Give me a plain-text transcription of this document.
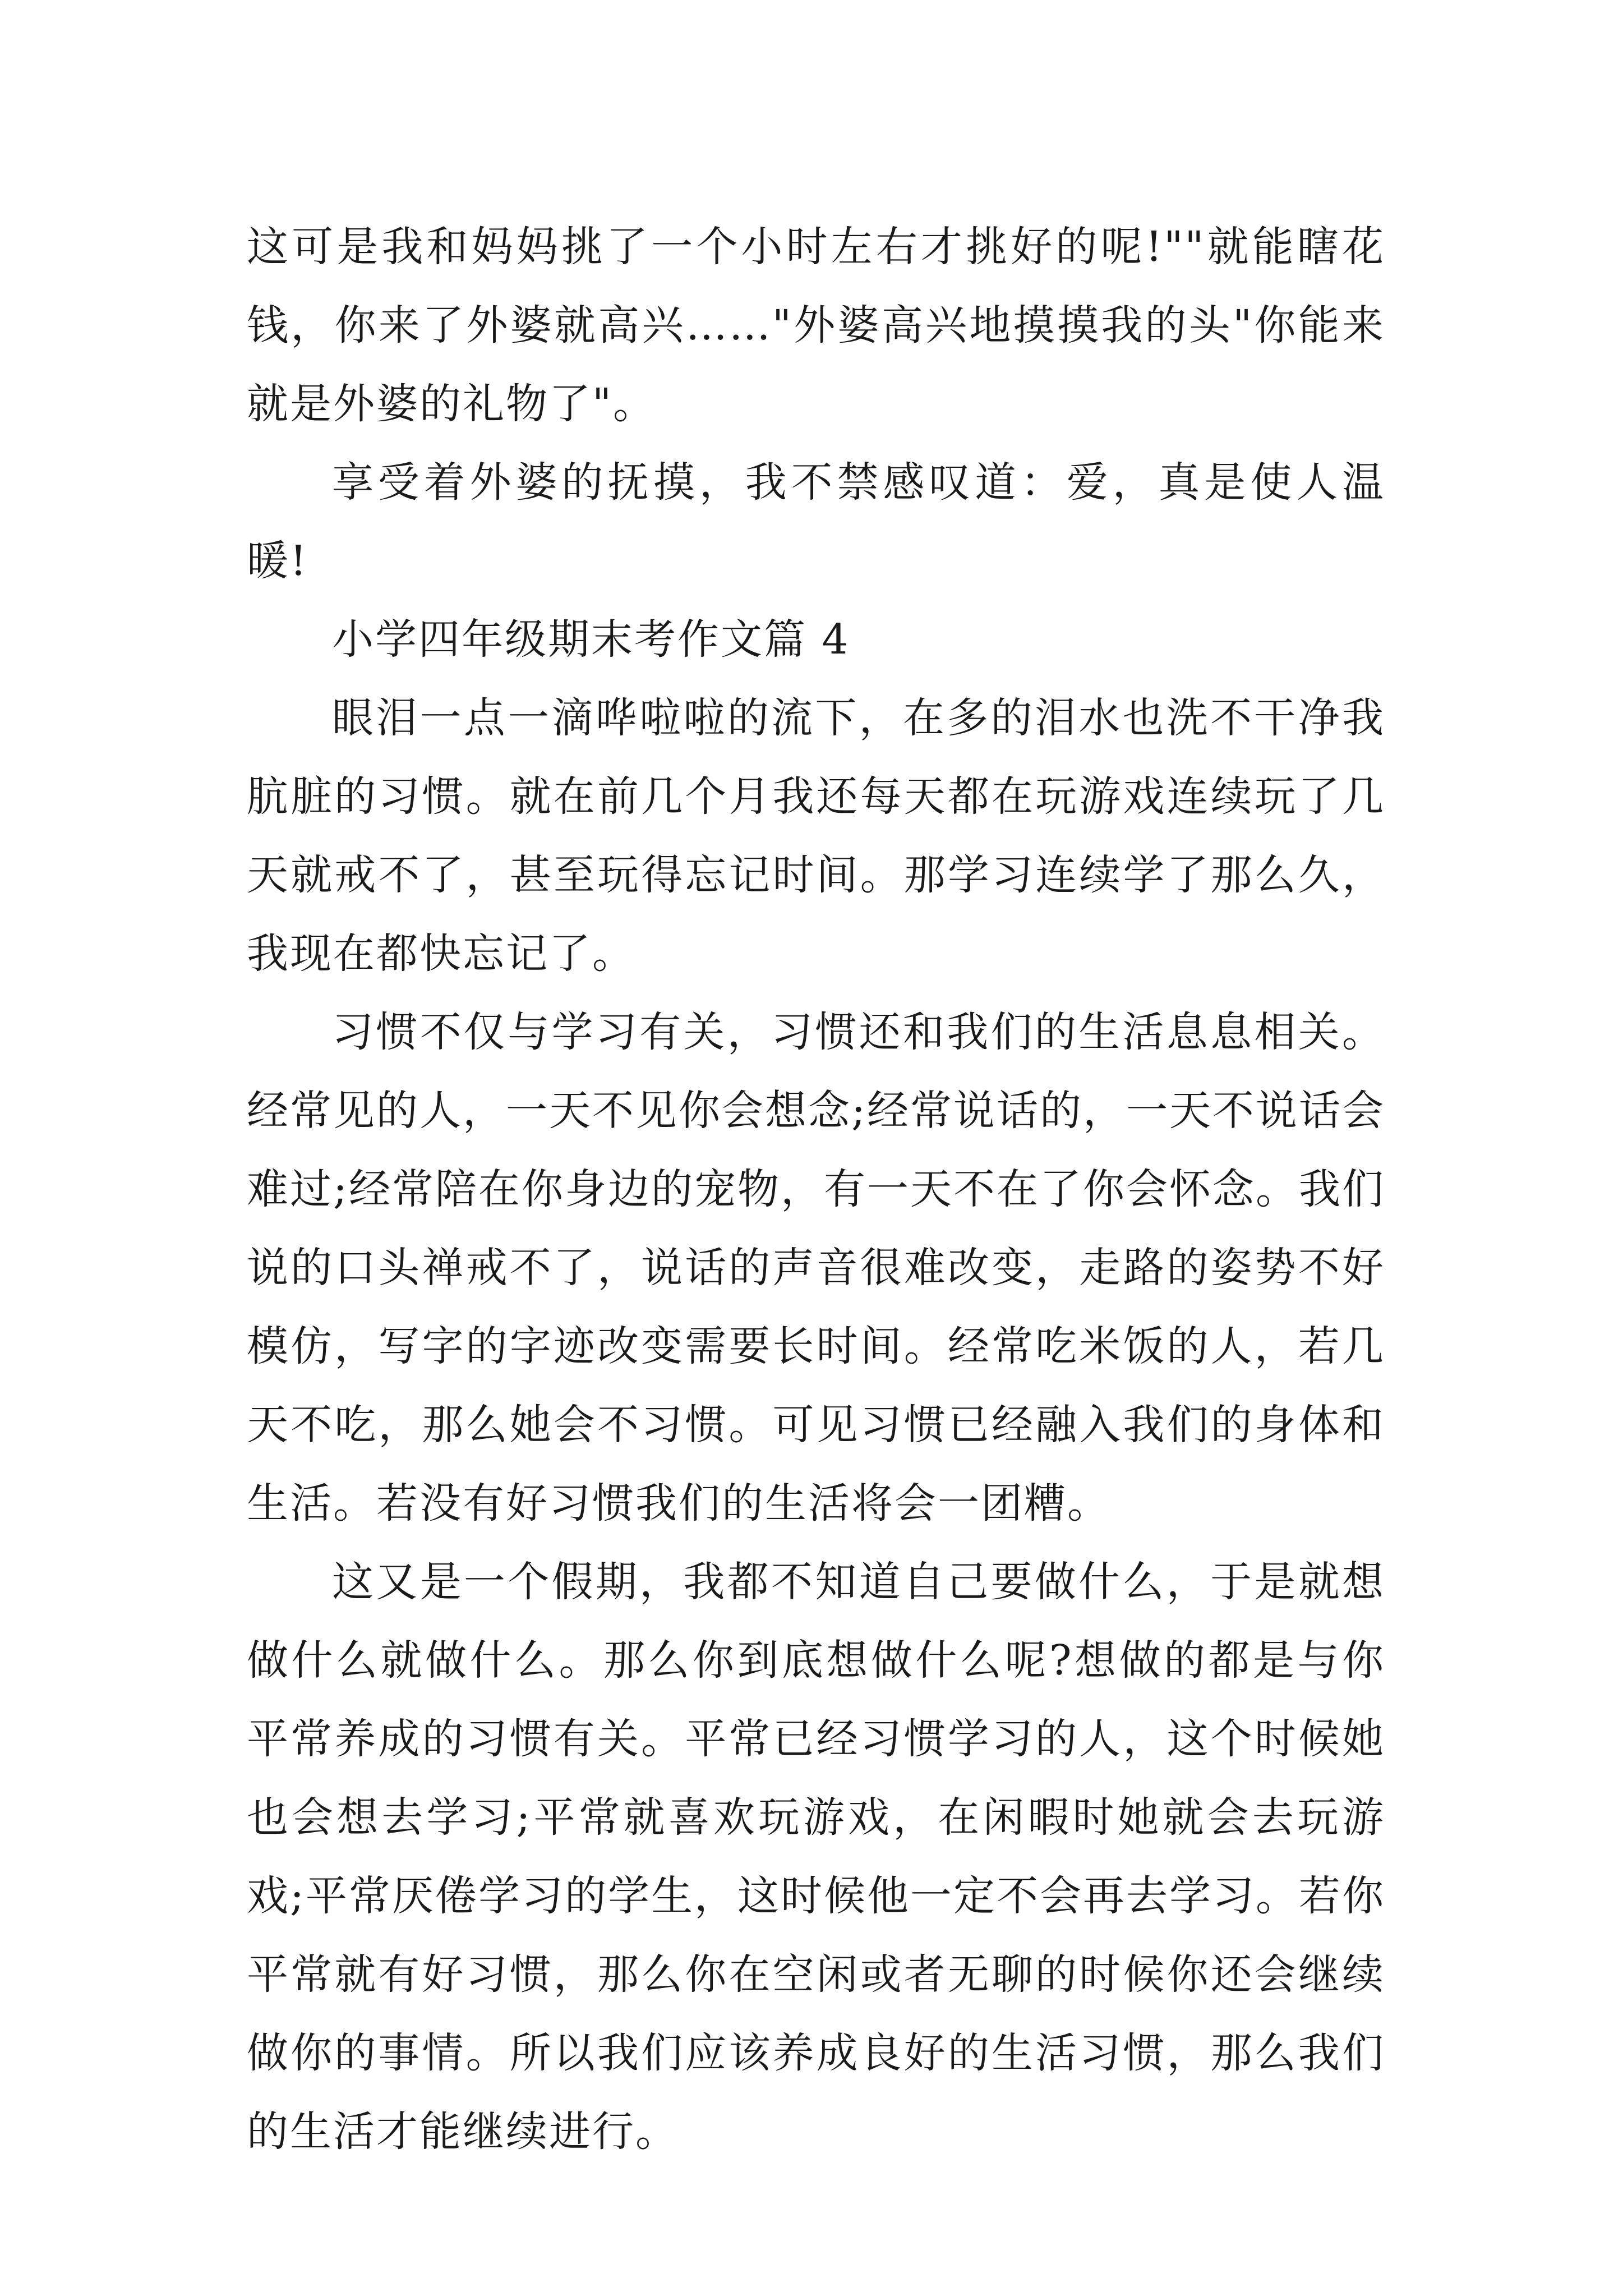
这可是我和妈妈挑了一个小时左右才挑好的呢!""就能瞎花钱，你来了外婆就高兴……"外婆高兴地摸摸我的头"你能来就是外婆的礼物了"。

享受着外婆的抚摸，我不禁感叹道：爱，真是使人温暖!

小学四年级期末考作文篇 4

眼泪一点一滴哗啦啦的流下，在多的泪水也洗不干净我肮脏的习惯。就在前几个月我还每天都在玩游戏连续玩了几天就戒不了，甚至玩得忘记时间。那学习连续学了那么久，我现在都快忘记了。

习惯不仅与学习有关，习惯还和我们的生活息息相关。经常见的人，一天不见你会想念;经常说话的，一天不说话会难过;经常陪在你身边的宠物，有一天不在了你会怀念。我们说的口头禅戒不了，说话的声音很难改变，走路的姿势不好模仿，写字的字迹改变需要长时间。经常吃米饭的人，若几天不吃，那么她会不习惯。可见习惯已经融入我们的身体和生活。若没有好习惯我们的生活将会一团糟。

这又是一个假期，我都不知道自己要做什么，于是就想做什么就做什么。那么你到底想做什么呢?想做的都是与你平常养成的习惯有关。平常已经习惯学习的人，这个时候她也会想去学习;平常就喜欢玩游戏，在闲暇时她就会去玩游戏;平常厌倦学习的学生，这时候他一定不会再去学习。若你平常就有好习惯，那么你在空闲或者无聊的时候你还会继续做你的事情。所以我们应该养成良好的生活习惯，那么我们的生活才能继续进行。
